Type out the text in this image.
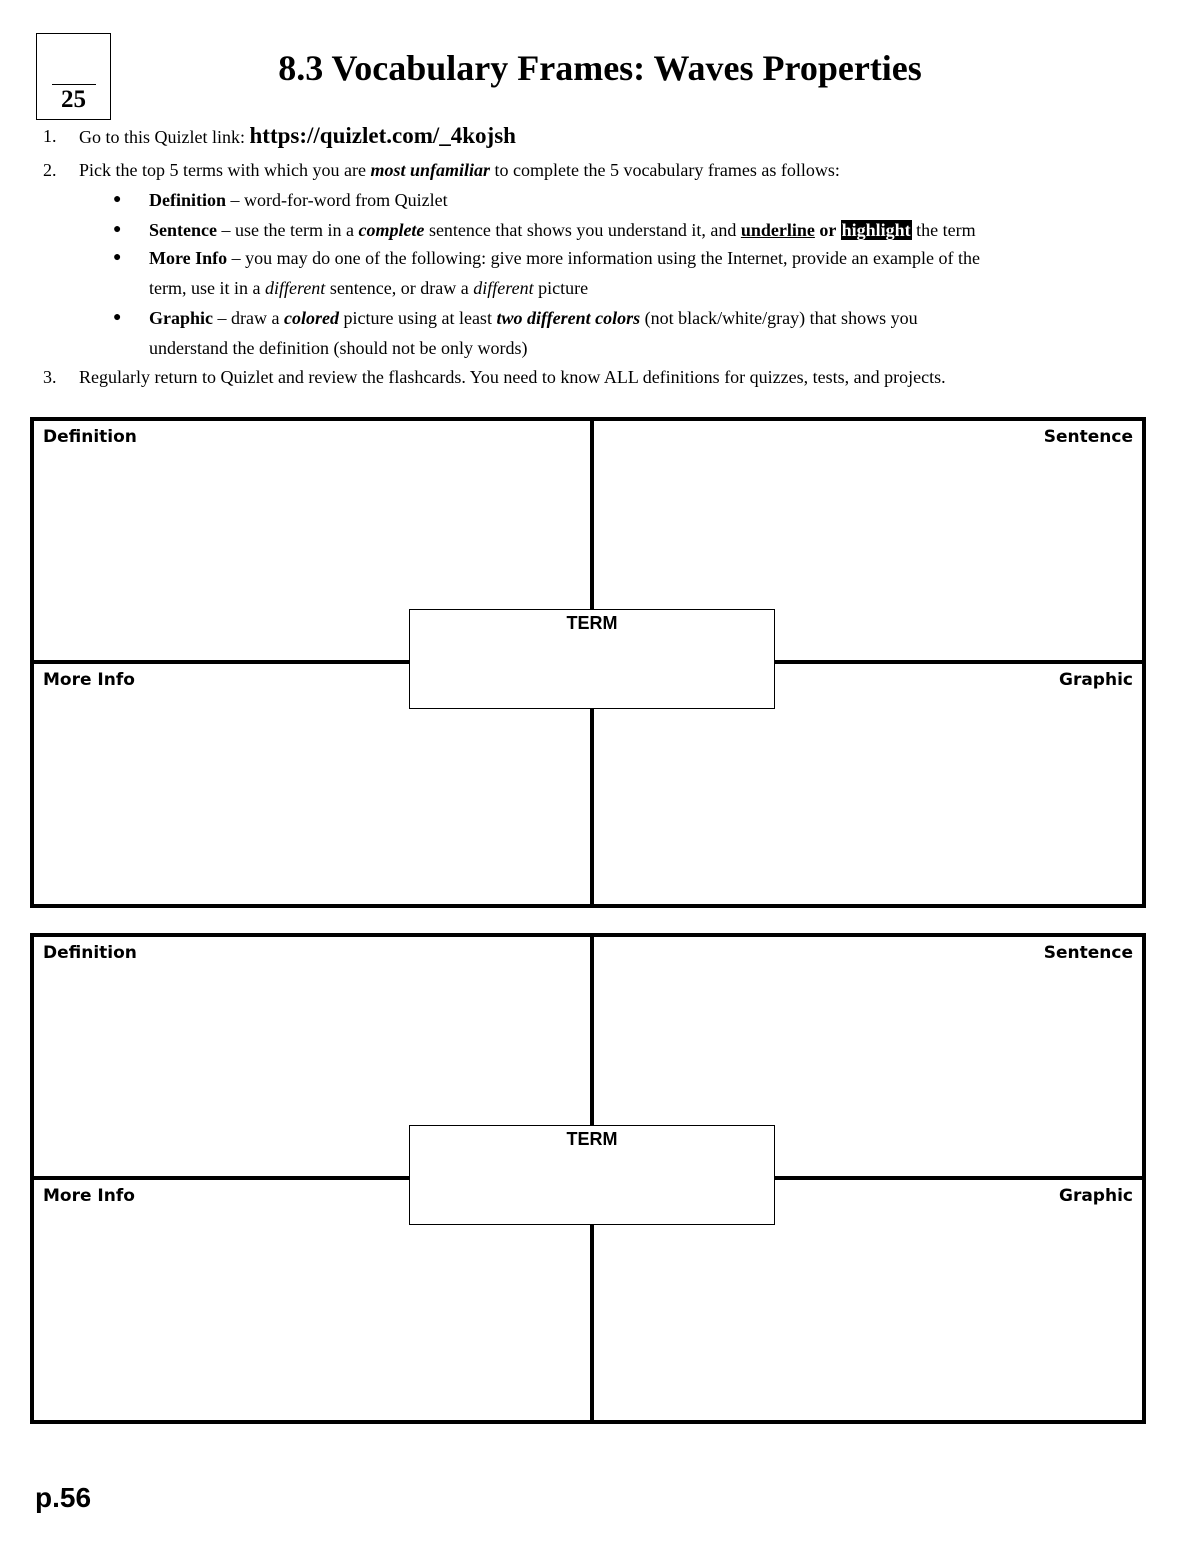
25
8.3 Vocabulary Frames: Waves Properties
1. Go to this Quizlet link: https://quizlet.com/_4kojsh
2. Pick the top 5 terms with which you are most unfamiliar to complete the 5 vocabulary frames as follows:
● Definition – word-for-word from Quizlet
● Sentence – use the term in a complete sentence that shows you understand it, and underline or highlight the term
● More Info – you may do one of the following: give more information using the Internet, provide an example of the
term, use it in a different sentence, or draw a different picture
● Graphic – draw a colored picture using at least two different colors (not black/white/gray) that shows you
understand the definition (should not be only words)
3. Regularly return to Quizlet and review the flashcards. You need to know ALL definitions for quizzes, tests, and projects.
Definition	Sentence
More Info	Graphic
TERM
Definition	Sentence
More Info	Graphic
TERM
p.56
